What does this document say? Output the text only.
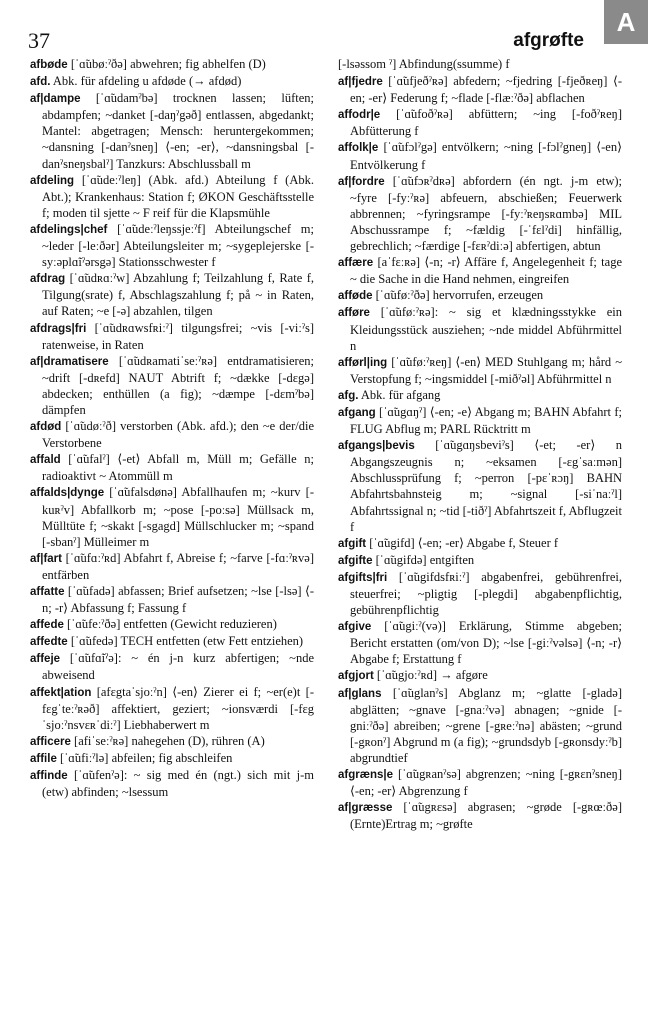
37	afgrøfte
A

afbøde [ˈɑ̃ubøːˀðə] abwehren; fig abhelfen (D)

afd. Abk. für afdeling u afdøde (→ afdød)

af|dampe [ˈɑ̃udamˀbə] trocknen lassen; lüften; abdampfen; ~danket [-daŋˀgəð] entlassen, abgedankt; Mantel: abgetragen; Mensch: heruntergekommen; ~dansning [-danˀsneŋ] ⟨-en; -er⟩, ~dansningsbal [-danˀsneŋsbalˀ] Tanzkurs: Abschlussball m

afdeling [ˈɑ̃udeːˀleŋ] (Abk. afd.) Abteilung f (Abk. Abt.); Krankenhaus: Station f; ØKON Geschäftsstelle f; moden til sjette ~ F reif für die Klapsmühle

afdelings|chef [ˈɑ̃udeːˀleŋssjeːˀf] Abteilungschef m; ~leder [-leːðər] Abteilungsleiter m; ~sygeplejerske [-syːəplɑ̃iˀərsgə] Stationsschwester f

afdrag [ˈɑ̃udʀɑːˀw] Abzahlung f; Teilzahlung f, Rate f, Tilgung(srate) f, Abschlagszahlung f; på ~ in Raten, auf Raten; ~e [-ə] abzahlen, tilgen

afdrags|fri [ˈɑ̃udʀɑwsfʀiːˀ] tilgungsfrei; ~vis [-viːˀs] ratenweise, in Raten

af|dramatisere [ˈɑ̃udʀamatiˈseːˀʀə] entdramatisieren; ~drift [-dʀefd] NAUT Abtrift f; ~dække [-dɛgə] abdecken; enthüllen (a fig); ~dæmpe [-dɛmˀbə] dämpfen

afdød [ˈɑ̃udøːˀð] verstorben (Abk. afd.); den ~e der/die Verstorbene

affald [ˈɑ̃ufalˀ] ⟨-et⟩ Abfall m, Müll m; Gefälle n; radioaktivt ~ Atommüll m

affalds|dynge [ˈɑ̃ufalsdønə] Abfallhaufen m; ~kurv [-kuʀˀv] Abfallkorb m; ~pose [-poːsə] Müllsack m, Mülltüte f; ~skakt [-sgagd] Müllschlucker m; ~spand [-sbanˀ] Mülleimer m

af|fart [ˈɑ̃ufɑːˀʀd] Abfahrt f, Abreise f; ~farve [-fɑːˀʀvə] entfärben

affatte [ˈɑ̃ufadə] abfassen; Brief aufsetzen; ~lse [-lsə] ⟨-n; -r⟩ Abfassung f; Fassung f

affede [ˈɑ̃ufeːˀðə] entfetten (Gewicht reduzieren)

affedte [ˈɑ̃ufedə] TECH entfetten (etw Fett entziehen)

affeje [ˈɑ̃ufɑ̃iˀə]: ~ én j-n kurz abfertigen; ~nde abweisend

affekt|ation [afɛgtaˈsjoːˀn] ⟨-en⟩ Zierer ei f; ~er(e)t [-fɛgˈteːˀʀəð] affektiert, geziert; ~ionsværdi [-fɛgˈsjoːˀnsvɛʀˈdiːˀ] Liebhaberwert m

afficere [afiˈseːˀʀə] nahegehen (D), rühren (A)

affile [ˈɑ̃ufiːˀlə] abfeilen; fig abschleifen

affinde [ˈɑ̃ufenˀə]: ~ sig med én (ngt.) sich mit j-m (etw) abfinden; ~lsessum

[-lsəssom ˀ] Abfindung(ssumme) f

af|fjedre [ˈɑ̃ufjeðˀʀə] abfedern; ~fjedring [-fjeðʀeŋ] ⟨-en; -er⟩ Federung f; ~flade [-flæːˀðə] abflachen

affodr|e [ˈɑ̃ufoðˀʀə] abfüttern; ~ing [-foðˀʀeŋ] Abfütterung f

affolk|e [ˈɑ̃ufɔlˀgə] entvölkern; ~ning [-fɔlˀgneŋ] ⟨-en⟩ Entvölkerung f

af|fordre [ˈɑ̃ufɔʀˀdʀə] abfordern (én ngt. j-m etw); ~fyre [-fyːˀʀə] abfeuern, abschießen; Feuerwerk abbrennen; ~fyringsrampe [-fyːˀʀeŋsʀɑmbə] MIL Abschussrampe f; ~fældig [-ˈfɛlˀdi] hinfällig, gebrechlich; ~færdige [-fɛʀˀdiːə] abfertigen, abtun

affære [aˈfɛːʀə] ⟨-n; -r⟩ Affäre f, Angelegenheit f; tage ~ die Sache in die Hand nehmen, eingreifen

afføde [ˈɑ̃uføːˀðə] hervorrufen, erzeugen

afføre [ˈɑ̃uføːˀʀə]: ~ sig et klædningsstykke ein Kleidungsstück ausziehen; ~nde middel Abführmittel n

afførl|ing [ˈɑ̃uføːˀʀeŋ] ⟨-en⟩ MED Stuhlgang m; hård ~ Verstopfung f; ~ingsmiddel [-miðˀəl] Abführmittel n

afg. Abk. für afgang

afgang [ˈɑ̃ugɑŋˀ] ⟨-en; -e⟩ Abgang m; BAHN Abfahrt f; FLUG Abflug m; PARL Rücktritt m

afgangs|bevis [ˈɑ̃ugɑŋsbeviˀs] ⟨-et; -er⟩ n Abgangszeugnis n; ~eksamen [-ɛgˈsaːmən] Abschlussprüfung f; ~perron [-pɛˈʀɔŋ] BAHN Abfahrtsbahnsteig m; ~signal [-siˈnaːˀl] Abfahrtssignal n; ~tid [-tiðˀ] Abfahrtszeit f, Abflugzeit f

afgift [ˈɑ̃ugifd] ⟨-en; -er⟩ Abgabe f, Steuer f

afgifte [ˈɑ̃ugifdə] entgiften

afgifts|fri [ˈɑ̃ugifdsfʀiːˀ] abgabenfrei, gebührenfrei, steuerfrei; ~pligtig [-plegdi] abgabenpflichtig, gebührenpflichtig

afgive [ˈɑ̃ugiːˀ(və)] Erklärung, Stimme abgeben; Bericht erstatten (om/von D); ~lse [-giːˀvəlsə] ⟨-n; -r⟩ Abgabe f; Erstattung f

afgjort [ˈɑ̃ugjoːˀʀd] → afgøre

af|glans [ˈɑ̃uglanˀs] Abglanz m; ~glatte [-gladə] abglätten; ~gnave [-gnaːˀvə] abnagen; ~gnide [-gniːˀðə] abreiben; ~grene [-gʀeːˀnə] abästen; ~grund [-gʀonˀ] Abgrund m (a fig); ~grundsdyb [-gʀonsdyːˀb] abgrundtief

afgræns|e [ˈɑ̃ugʀanˀsə] abgrenzen; ~ning [-gʀɛnˀsneŋ] ⟨-en; -er⟩ Abgrenzung f

af|græsse [ˈɑ̃ugʀɛsə] abgrasen; ~grøde [-gʀœːðə] (Ernte)Ertrag m; ~grøfte
